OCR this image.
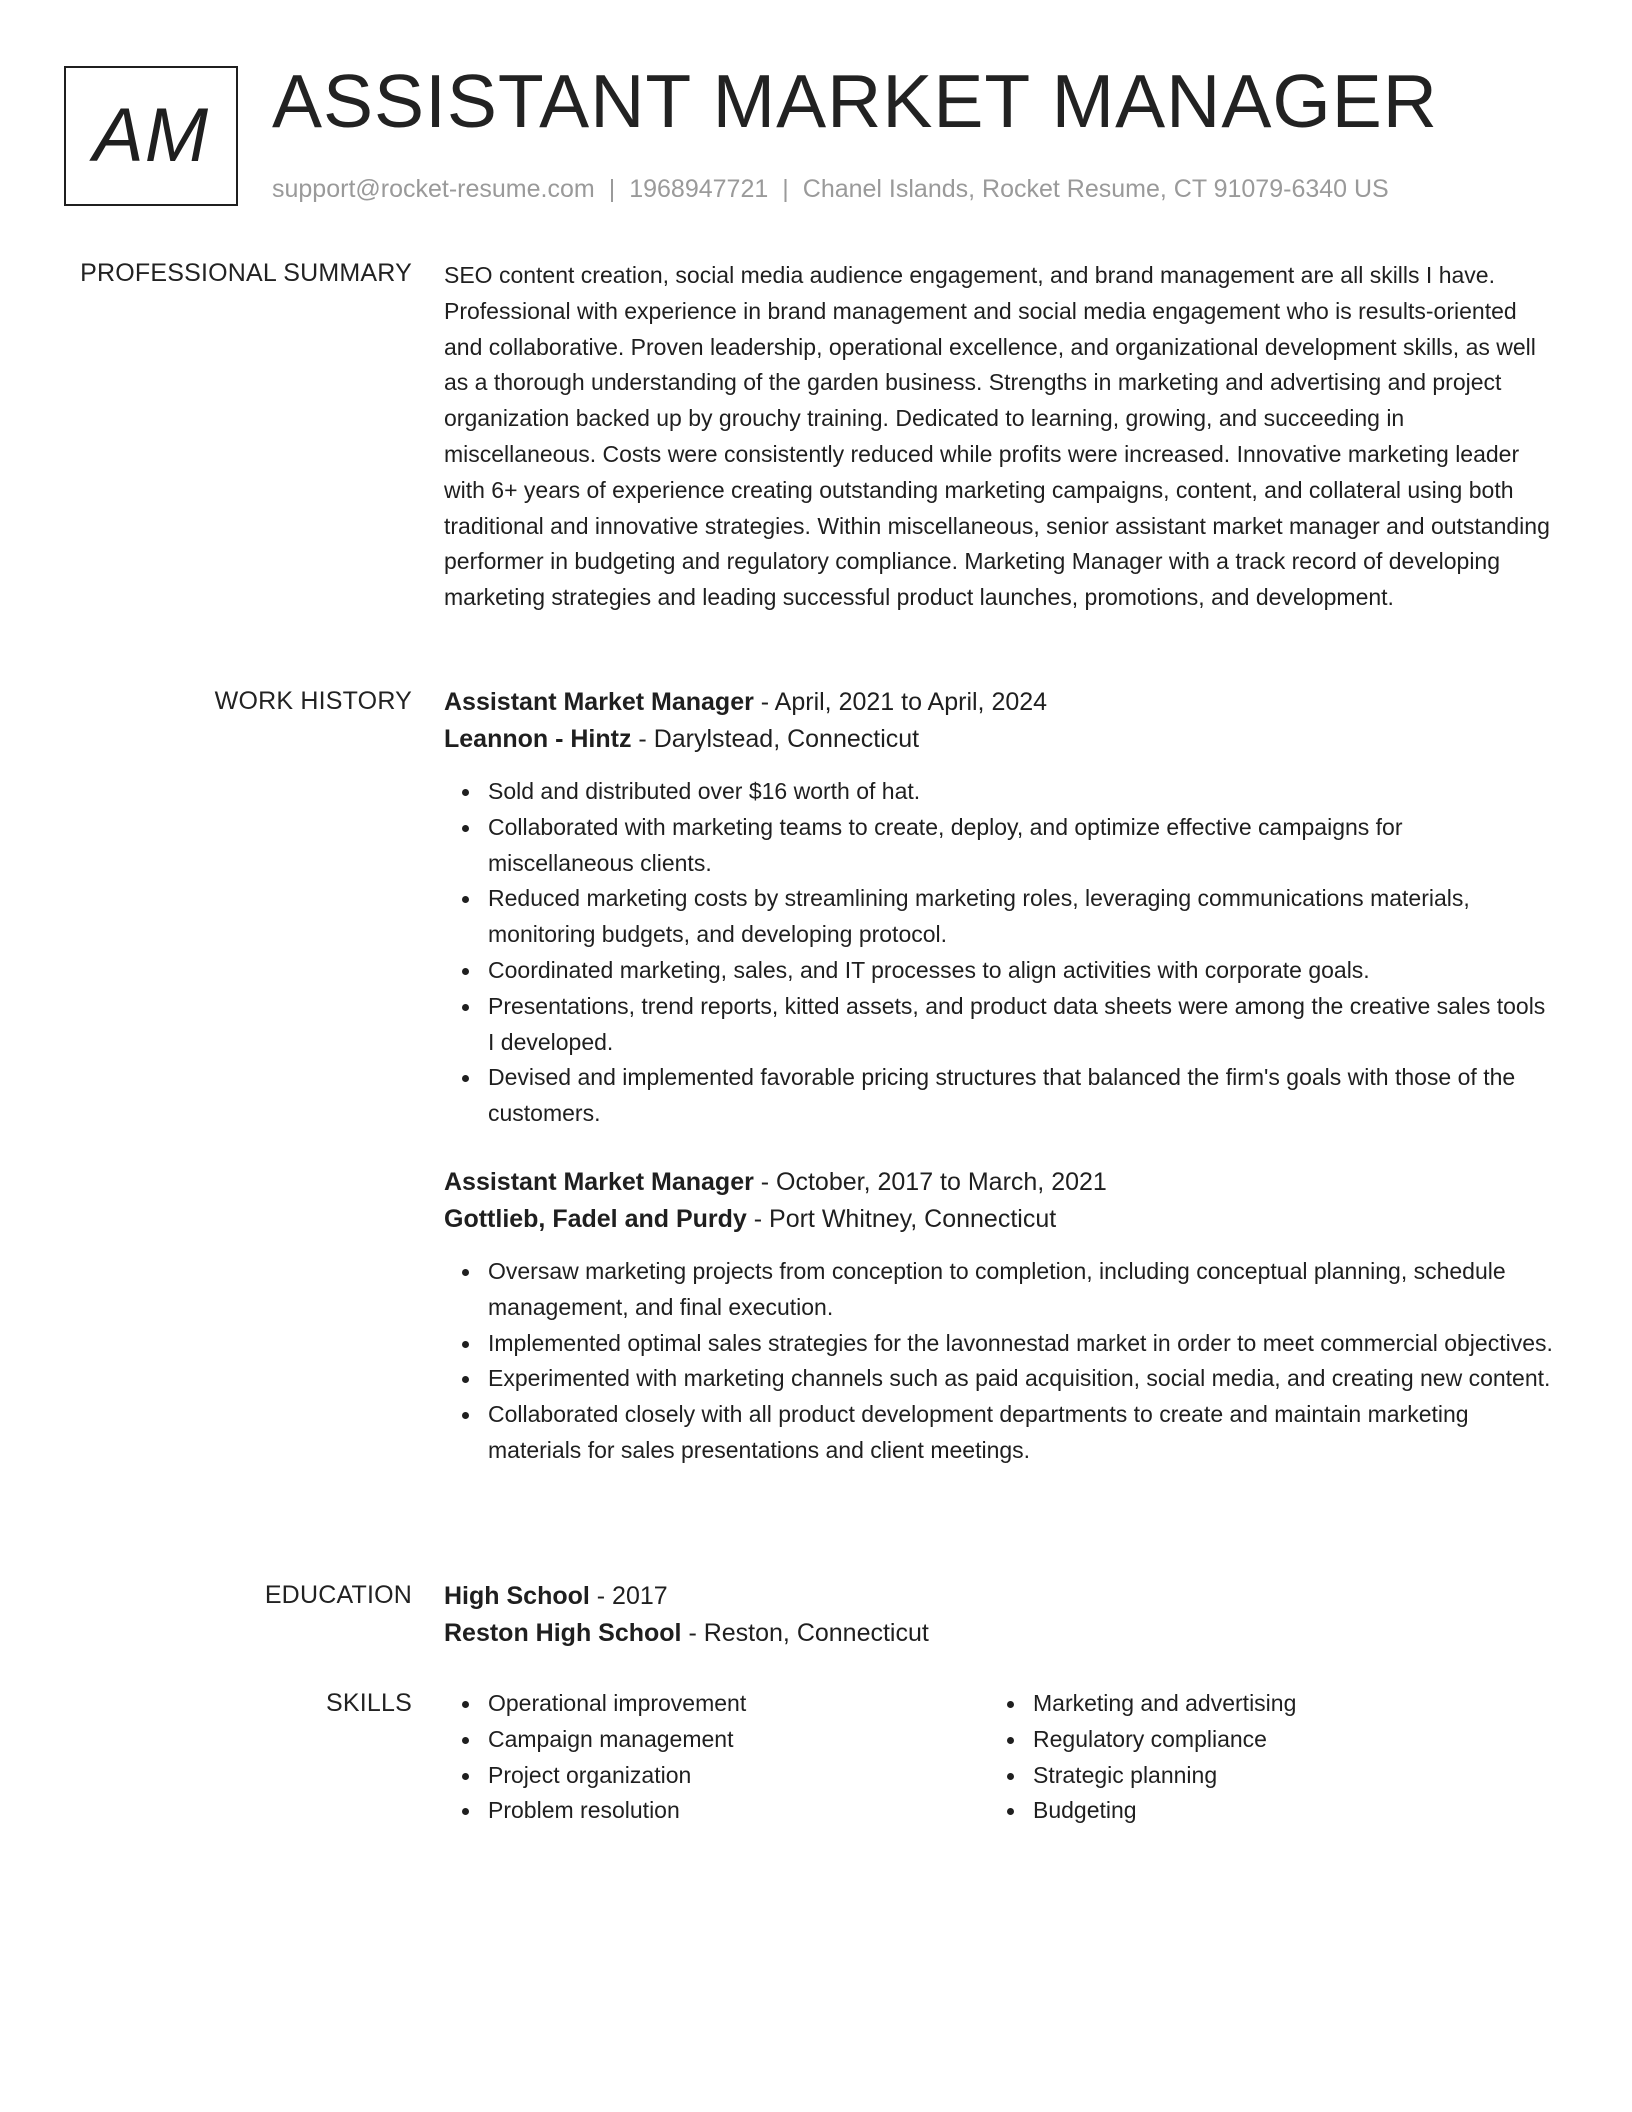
AM ASSISTANT MARKET MANAGER
support@rocket-resume.com | 1968947721 | Chanel Islands, Rocket Resume, CT 91079-6340 US
PROFESSIONAL SUMMARY SEO content creation, social media audience engagement, and brand management are all skills I have. Professional with experience in brand management and social media engagement who is results-oriented and collaborative. Proven leadership, operational excellence, and organizational development skills, as well as a thorough understanding of the garden business. Strengths in marketing and advertising and project organization backed up by grouchy training. Dedicated to learning, growing, and succeeding in miscellaneous. Costs were consistently reduced while profits were increased. Innovative marketing leader with 6+ years of experience creating outstanding marketing campaigns, content, and collateral using both traditional and innovative strategies. Within miscellaneous, senior assistant market manager and outstanding performer in budgeting and regulatory compliance. Marketing Manager with a track record of developing marketing strategies and leading successful product launches, promotions, and development.

WORK HISTORY Assistant Market Manager - April, 2021 to April, 2024
Leannon - Hintz - Darylstead, Connecticut
Sold and distributed over $16 worth of hat.
Collaborated with marketing teams to create, deploy, and optimize effective campaigns for miscellaneous clients.
Reduced marketing costs by streamlining marketing roles, leveraging communications materials, monitoring budgets, and developing protocol.
Coordinated marketing, sales, and IT processes to align activities with corporate goals.
Presentations, trend reports, kitted assets, and product data sheets were among the creative sales tools I developed.
Devised and implemented favorable pricing structures that balanced the firm's goals with those of the customers.
Assistant Market Manager - October, 2017 to March, 2021
Gottlieb, Fadel and Purdy - Port Whitney, Connecticut
Oversaw marketing projects from conception to completion, including conceptual planning, schedule management, and final execution.
Implemented optimal sales strategies for the lavonnestad market in order to meet commercial objectives.
Experimented with marketing channels such as paid acquisition, social media, and creating new content.
Collaborated closely with all product development departments to create and maintain marketing materials for sales presentations and client meetings.
EDUCATION High School - 2017
Reston High School - Reston, Connecticut
SKILLS	Operational improvement
Campaign management
Project organization
Problem resolution
Marketing and advertising
Regulatory compliance
Strategic planning
Budgeting
